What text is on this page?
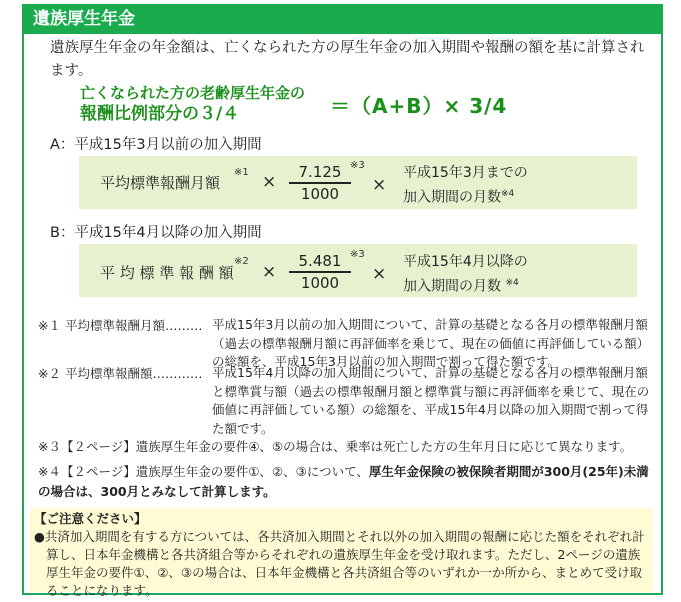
遺族厚生年金
遺族厚生年金の年金額は、亡くなられた方の厚生年金の加入期間や報酬の額を基に計算されます。
亡くなられた方の老齢厚生年金の
報酬比例部分の３/４	＝（A+B）× 3/4
A：平成15年3月以前の加入期間
平均標準報酬月額
※1 × $\frac{7.125}{1000}$ ※3
×
平成15年3月までの
加入期間の月数$^{※4}$
B：平成15年4月以降の加入期間
平 均 標 準 報 酬 額
※2
× $\frac{5.481}{1000}$ ※3
×
平成15年4月以降の
加入期間の月数 $^{※4}$
※１ 平均標準報酬月額……… 平成15年3月以前の加入期間について、計算の基礎となる各月の標準報酬月額（過去の標準報酬月額に再評価率を乗じて、現在の価値に再評価している額）の総額を、平成15年3月以前の加入期間で割って得た額です。
※２ 平均標準報酬額………… 平成15年4月以降の加入期間について、計算の基礎となる各月の標準報酬月額と標準賞与額（過去の標準報酬月額と標準賞与額に再評価率を乗じて、現在の価値に再評価している額）の総額を、平成15年4月以降の加入期間で割って得た額です。
※３【２ページ】遺族厚生年金の要件④、⑤の場合は、乗率は死亡した方の生年月日に応じて異なります。
※４【２ページ】遺族厚生年金の要件①、②、③について、厚生年金保険の被保険者期間が300月(25年)未満の場合は、300月とみなして計算します。
【ご注意ください】
●共済加入期間を有する方については、各共済加入期間とそれ以外の加入期間の報酬に応じた額をそれぞれ計算し、日本年金機構と各共済組合等からそれぞれの遺族厚生年金を受け取れます。ただし、2ページの遺族厚生年金の要件①、②、③の場合は、日本年金機構と各共済組合等のいずれか一か所から、まとめて受け取ることになります。
